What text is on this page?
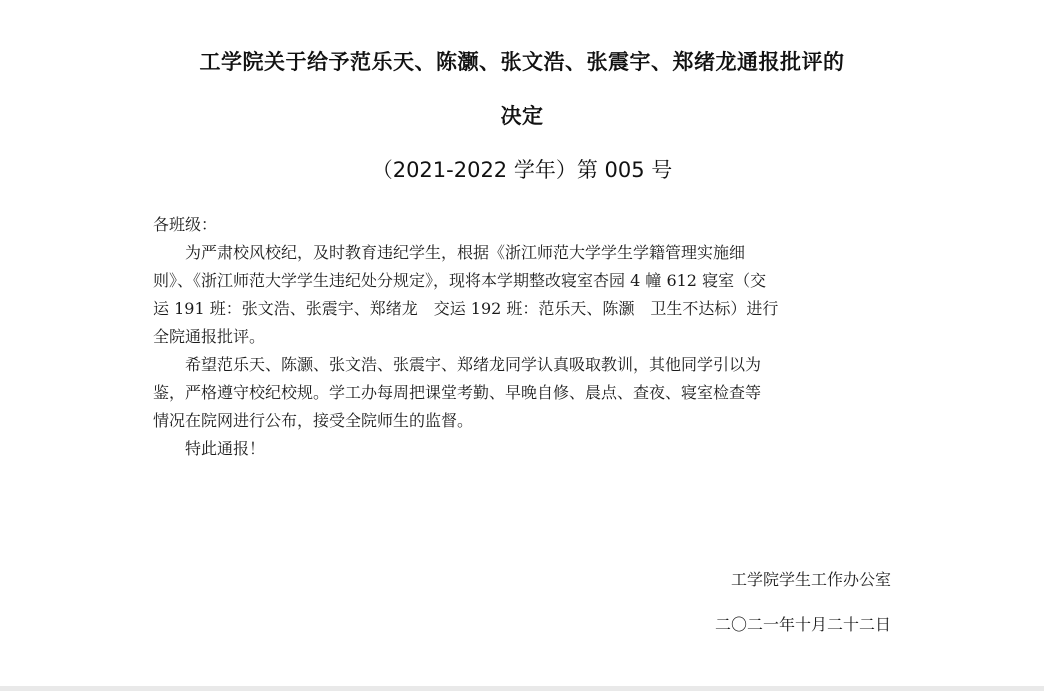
工学院关于给予范乐天、陈灏、张文浩、张震宇、郑绪龙通报批评的
决定
（2021-2022 学年）第 005 号
各班级：
为严肃校风校纪，及时教育违纪学生，根据《浙江师范大学学生学籍管理实施细
则》、《浙江师范大学学生违纪处分规定》，现将本学期整改寝室杏园 4 幢 612 寝室（交
运 191 班：张文浩、张震宇、郑绪龙　交运 192 班：范乐天、陈灏　卫生不达标）进行
全院通报批评。
希望范乐天、陈灏、张文浩、张震宇、郑绪龙同学认真吸取教训，其他同学引以为
鉴，严格遵守校纪校规。学工办每周把课堂考勤、早晚自修、晨点、查夜、寝室检查等
情况在院网进行公布，接受全院师生的监督。
特此通报！
工学院学生工作办公室
二〇二一年十月二十二日
